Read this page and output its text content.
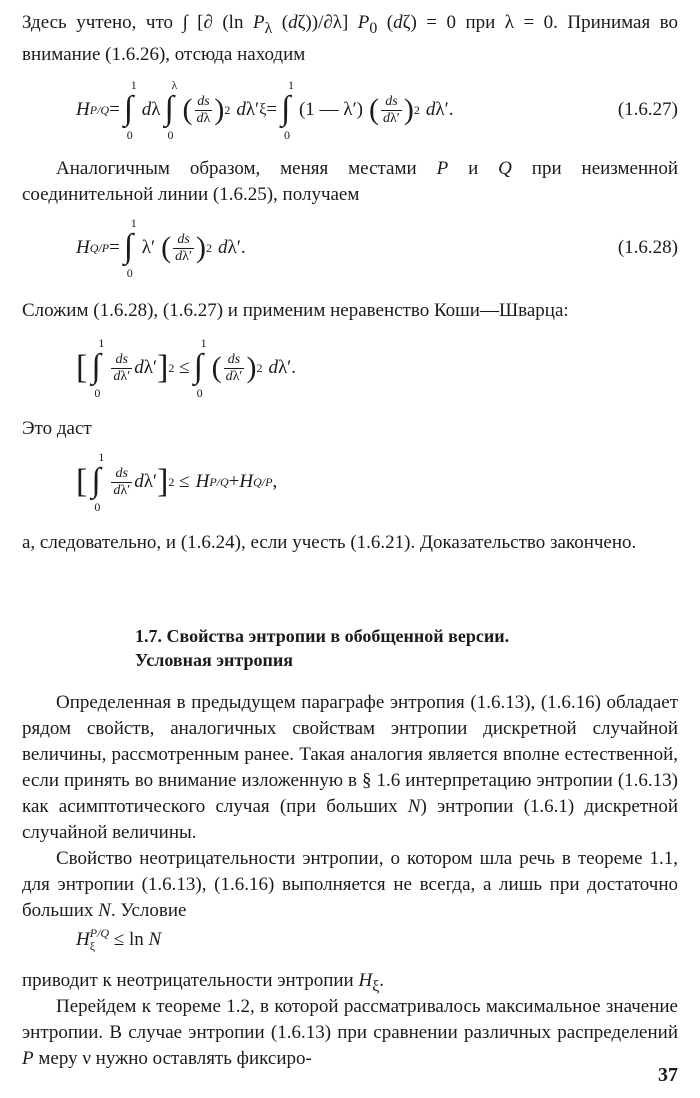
Здесь учтено, что ∫ [∂ (ln $P_\lambda$ (dζ))/∂λ] $P_0$ (dζ) = 0 при λ = 0. Принимая во внимание (1.6.26), отсюда находим

H P/Q =
1
∫
0
d λ
λ
∫
0
( $\frac{ds}{d\lambda}$ ) 2 d λ′ ξ =
1
∫
0
(1 — λ′) ( $\frac{ds}{d\lambda'}$ ) 2 d λ′.	(1.6.27)

Аналогичным образом, меняя местами P и Q при неизменной соединительной линии (1.6.25), получаем

H Q/P =
1
∫
0
λ′ ( $\frac{ds}{d\lambda'}$ ) 2 d λ′.	(1.6.28)

Сложим (1.6.28), (1.6.27) и применим неравенство Коши—Шварца:

[
1
∫
0
$\frac{ds}{d\lambda'}$ d λ′ ] 2 ≤
1
∫
0
( $\frac{ds}{d\lambda'}$ ) 2 d λ′.

Это даст

[
1
∫
0
$\frac{ds}{d\lambda'}$ d λ′ ] 2 ≤ H P/Q + H Q/P ,

а, следовательно, и (1.6.24), если учесть (1.6.21). Доказательство закончено.

1.7. Свойства энтропии в обобщенной версии.
Условная энтропия

Определенная в предыдущем параграфе энтропия (1.6.13), (1.6.16) обладает рядом свойств, аналогичных свойствам энтропии дискретной случайной величины, рассмотренным ранее. Такая аналогия является вполне естественной, если принять во внимание изложенную в § 1.6 интерпретацию энтропии (1.6.13) как асимптотического случая (при больших N) энтропии (1.6.1) дискретной случайной величины.

Свойство неотрицательности энтропии, о котором шла речь в теореме 1.1, для энтропии (1.6.13), (1.6.16) выполняется не всегда, а лишь при достаточно больших N. Условие

H P/Q
ξ ≤ ln N

приводит к неотрицательности энтропии $H_\xi$.

Перейдем к теореме 1.2, в которой рассматривалось максимальное значение энтропии. В случае энтропии (1.6.13) при сравнении различных распределений P меру ν нужно оставлять фиксиро-

37
